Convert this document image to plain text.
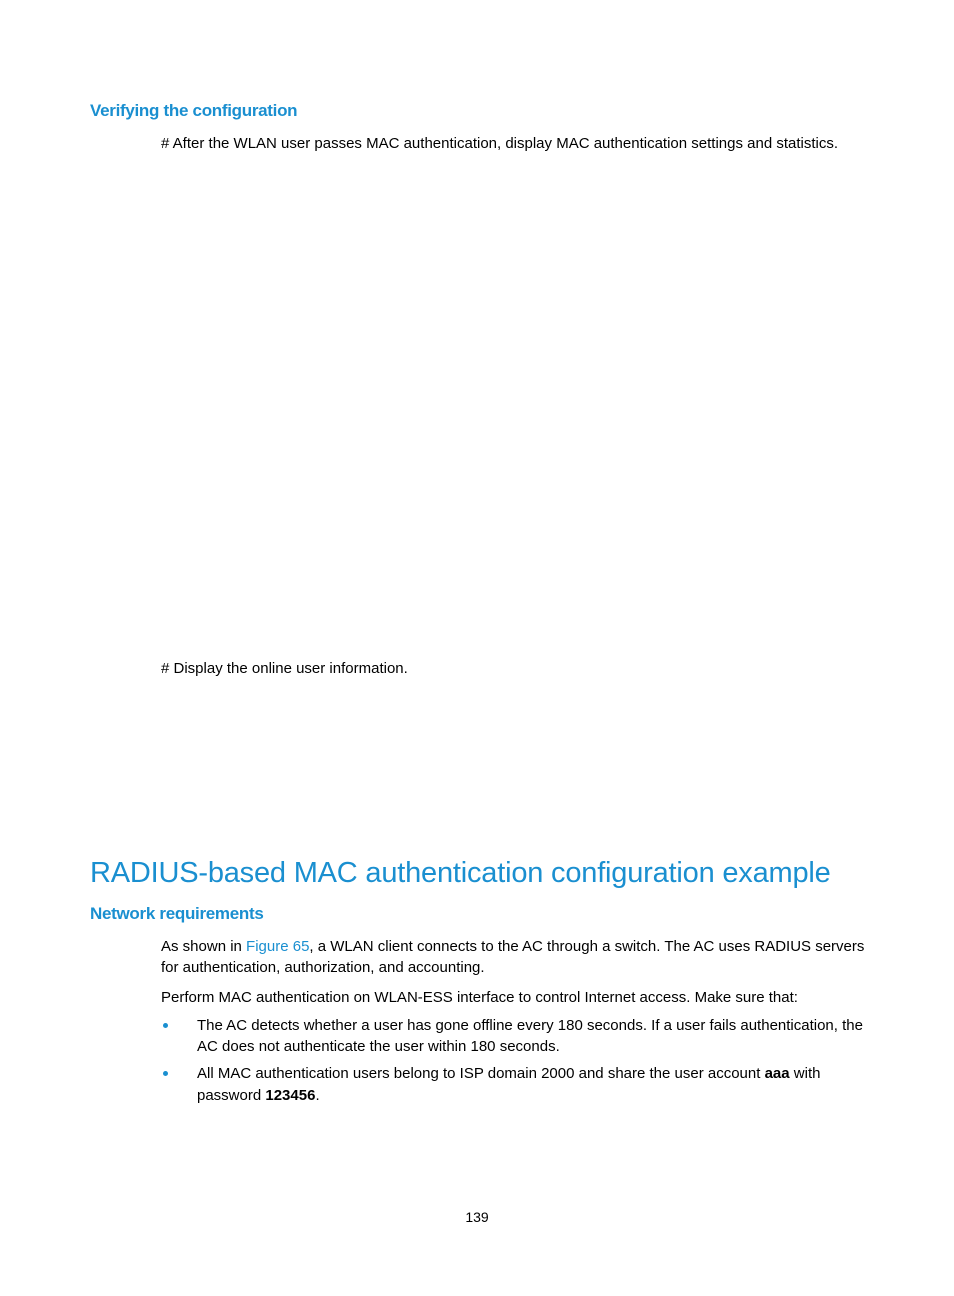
Verifying the configuration

# After the WLAN user passes MAC authentication, display MAC authentication settings and statistics.

# Display the online user information.

RADIUS-based MAC authentication configuration example
Network requirements

As shown in Figure 65, a WLAN client connects to the AC through a switch. The AC uses RADIUS servers

for authentication, authorization, and accounting.

Perform MAC authentication on WLAN-ESS interface to control Internet access. Make sure that:

The AC detects whether a user has gone offline every 180 seconds. If a user fails authentication, the

AC does not authenticate the user within 180 seconds.

All MAC authentication users belong to ISP domain 2000 and share the user account aaa with

password 123456.

139
